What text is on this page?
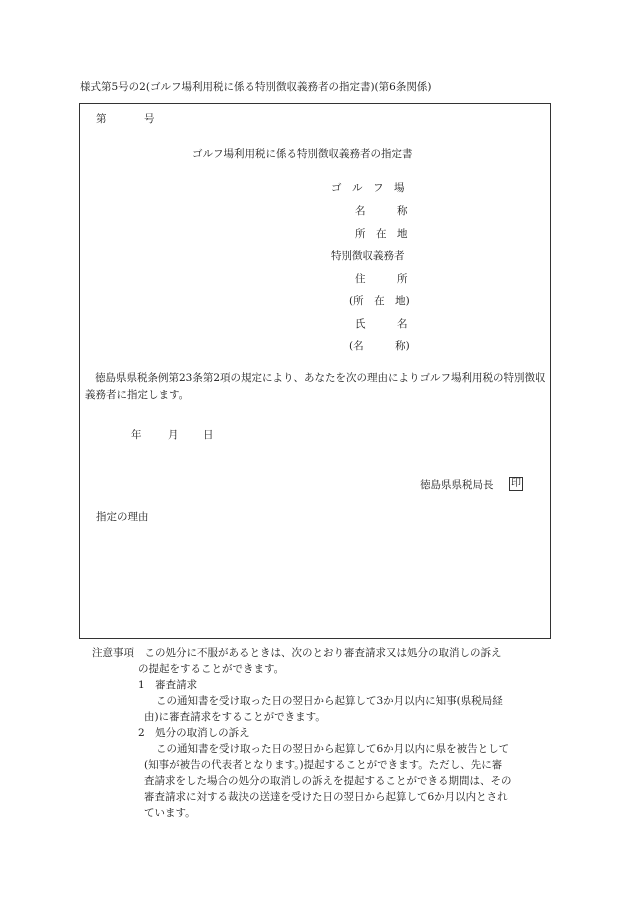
様式第5号の2(ゴルフ場利用税に係る特別徴収義務者の指定書)(第6条関係)
第	号
ゴルフ場利用税に係る特別徴収義務者の指定書
ゴ　ル　フ　場
名　　　称
所　在　地
特別徴収義務者
住　　　所
(所　在　地)
氏　　　名
(名　　　称)
徳島県県税条例第23条第2項の規定により、あなたを次の理由によりゴルフ場利用税の特別徴収義務者に指定します。
年	月 日
徳島県県税局長 印
指定の理由
注意事項　この処分に不服があるときは、次のとおり審査請求又は処分の取消しの訴え
の提起をすることができます。
1　審査請求
この通知書を受け取った日の翌日から起算して3か月以内に知事(県税局経
由)に審査請求をすることができます。
2　処分の取消しの訴え
この通知書を受け取った日の翌日から起算して6か月以内に県を被告として
(知事が被告の代表者となります。)提起することができます。ただし、先に審
査請求をした場合の処分の取消しの訴えを提起することができる期間は、その
審査請求に対する裁決の送達を受けた日の翌日から起算して6か月以内とされ
ています。
